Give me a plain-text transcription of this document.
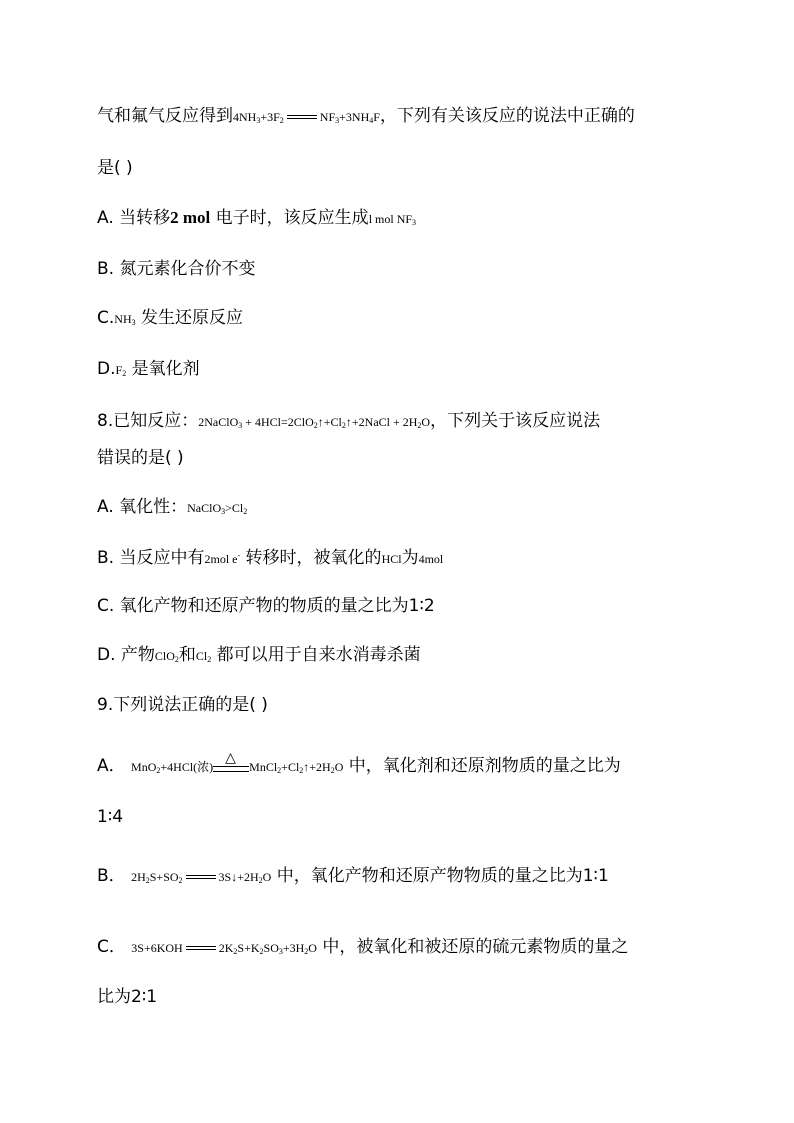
气和氟气反应得到$4NH_3+3F_2$	$NF_3+3NH_4F$，下列有关该反应的说法中正确的
是( )
A. 当转移2 mol 电子时，该反应生成l mol $NF_3$
B. 氮元素化合价不变
$C.NH_3$ 发生还原反应
$D.F_2$ 是氧化剂
8.已知反应：2NaClO$_3$ + $4HCl=2ClO_2↑+Cl_2↑+2NaCl + 2H_2O$，下列关于该反应说法
错误的是( )
A. 氧化性：$NaClO_3>Cl_2$
B. 当反应中有2mol e- 转移时，被氧化的HCl为4mol
C. 氧化产物和还原产物的物质的量之比为1∶2
D. 产物ClO$_2$和$Cl_2$ 都可以用于自来水消毒杀菌
9.下列说法正确的是( )
A． MnO$_2$+4HCl(浓)
△
$MnCl_2+Cl_2↑+2H_2O$ 中，氧化剂和还原剂物质的量之比为
1∶4
B． $2H_2S+SO_2$	$3S↓+2H_2O$ 中，氧化产物和还原产物物质的量之比为1∶1
C． 3S+6KOH	$2K_2S+K_2SO_3+3H_2O$ 中，被氧化和被还原的硫元素物质的量之
比为2∶1
